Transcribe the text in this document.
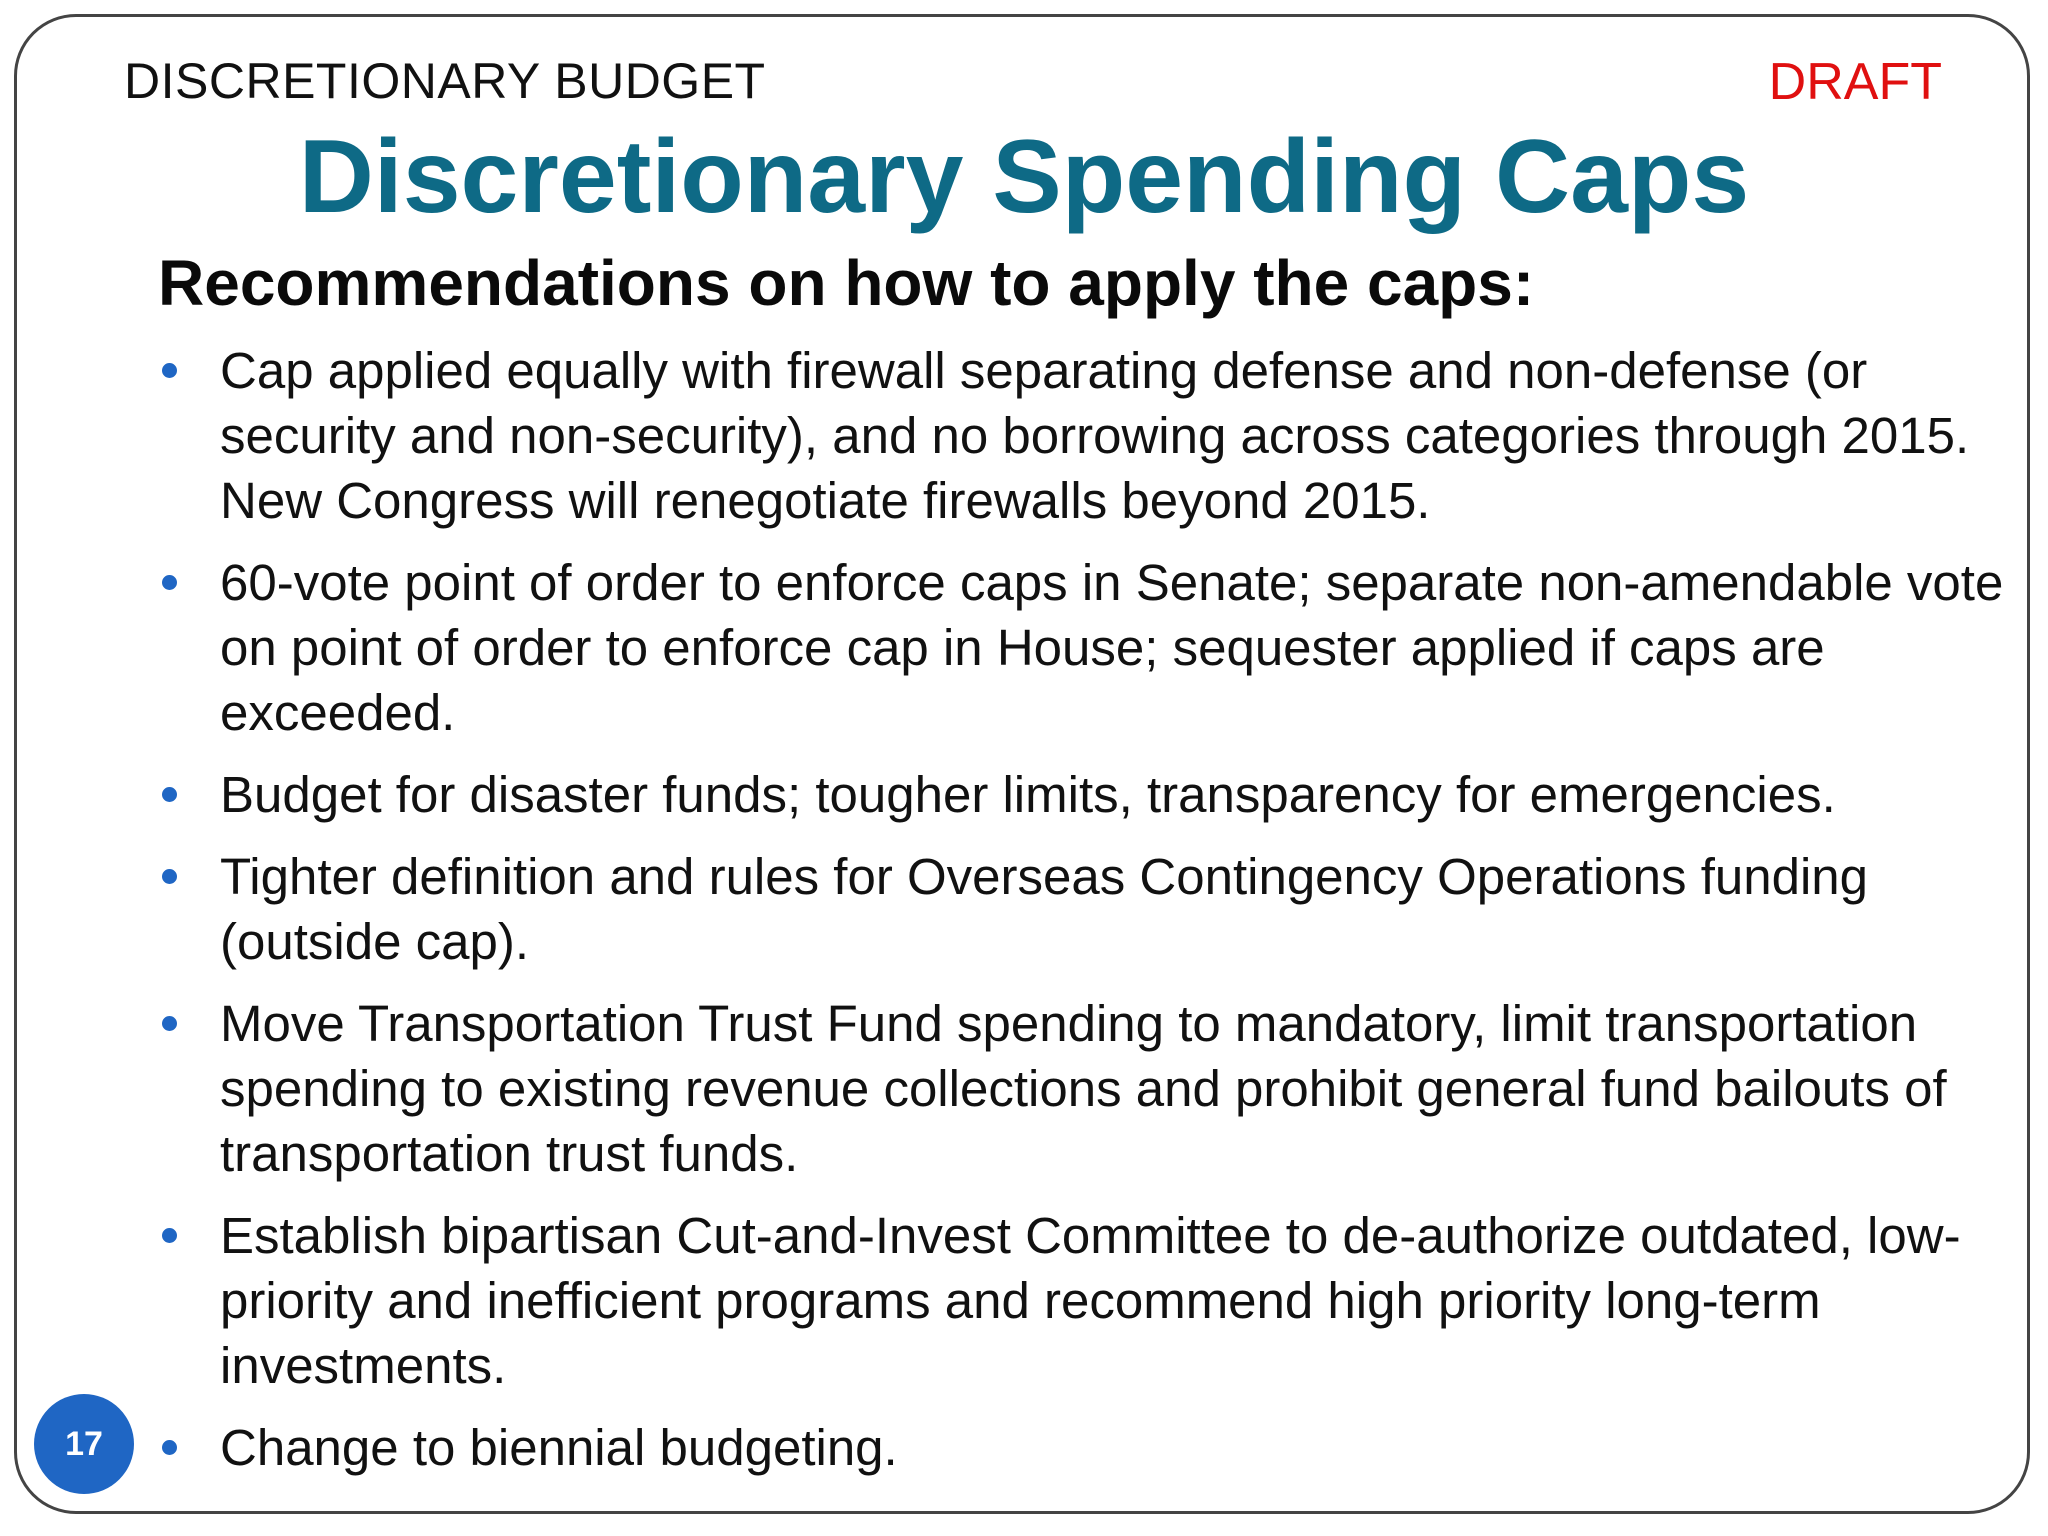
DISCRETIONARY BUDGET	DRAFT
Discretionary Spending Caps
Recommendations on how to apply the caps:
Cap applied equally with firewall separating defense and non-defense (or security and non-security), and no borrowing across categories through 2015. New Congress will renegotiate firewalls beyond 2015.
60-vote point of order to enforce caps in Senate; separate non-amendable vote on point of order to enforce cap in House; sequester applied if caps are exceeded.
Budget for disaster funds; tougher limits, transparency for emergencies.
Tighter definition and rules for Overseas Contingency Operations funding (outside cap).
Move Transportation Trust Fund spending to mandatory, limit transportation spending to existing revenue collections and prohibit general fund bailouts of transportation trust funds.
Establish bipartisan Cut-and-Invest Committee to de-authorize outdated, low-priority and inefficient programs and recommend high priority long-term investments.
Change to biennial budgeting.
17
